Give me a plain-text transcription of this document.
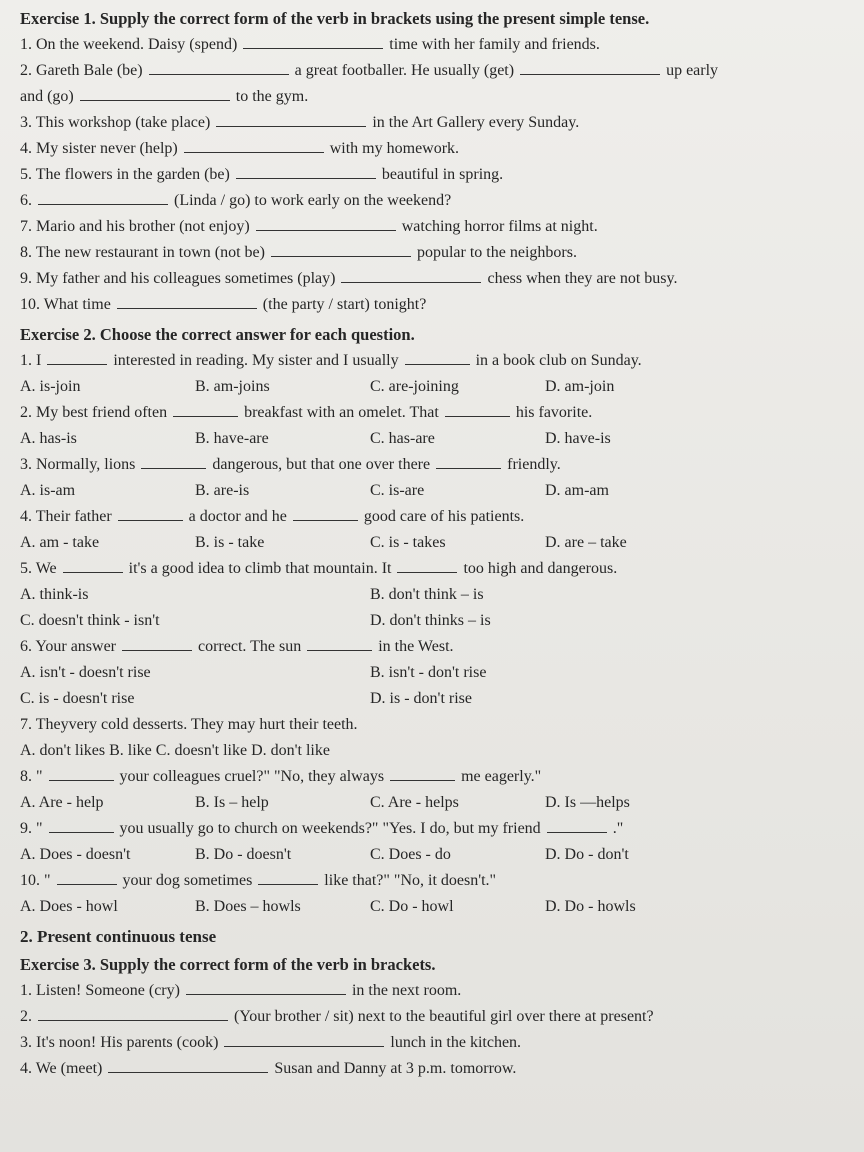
Exercise 1. Supply the correct form of the verb in brackets using the present simple tense.
1. On the weekend. Daisy (spend)	time with her family and friends.
2. Gareth Bale (be)	a great footballer. He usually (get)	up early
and (go)	to the gym.
3. This workshop (take place)	in the Art Gallery every Sunday.
4. My sister never (help)	with my homework.
5. The flowers in the garden (be)	beautiful in spring.
6.	(Linda / go) to work early on the weekend?
7. Mario and his brother (not enjoy)	watching horror films at night.
8. The new restaurant in town (not be)	popular to the neighbors.
9. My father and his colleagues sometimes (play)	chess when they are not busy.
10. What time	(the party / start) tonight?
Exercise 2. Choose the correct answer for each question.
1. I	interested in reading. My sister and I usually	in a book club on Sunday.
A. is-join	B. am-joins	C. are-joining	D. am-join
2. My best friend often	breakfast with an omelet. That	his favorite.
A. has-is	B. have-are	C. has-are	D. have-is
3. Normally, lions	dangerous, but that one over there	friendly.
A. is-am	B. are-is	C. is-are	D. am-am
4. Their father	a doctor and he	good care of his patients.
A. am - take	B. is - take	C. is - takes	D. are – take
5. We	it's a good idea to climb that mountain. It	too high and dangerous.
A. think-is	B. don't think – is
C. doesn't think - isn't	D. don't thinks – is
6. Your answer	correct. The sun	in the West.
A. isn't - doesn't rise	B. isn't - don't rise
C. is - doesn't rise	D. is - don't rise
7. Theyvery cold desserts. They may hurt their teeth.
A. don't likes B. like C. doesn't like D. don't like
8. "	your colleagues cruel?" "No, they always	me eagerly."
A. Are - help	B. Is – help	C. Are - helps	D. Is —helps
9. "	you usually go to church on weekends?" "Yes. I do, but my friend	."
A. Does - doesn't	B. Do - doesn't	C. Does - do	D. Do - don't
10. "	your dog sometimes	like that?" "No, it doesn't."
A. Does - howl	B. Does – howls	C. Do - howl	D. Do - howls
2. Present continuous tense
Exercise 3. Supply the correct form of the verb in brackets.
1. Listen! Someone (cry)	in the next room.
2.	(Your brother / sit) next to the beautiful girl over there at present?
3. It's noon! His parents (cook)	lunch in the kitchen.
4. We (meet)	Susan and Danny at 3 p.m. tomorrow.
